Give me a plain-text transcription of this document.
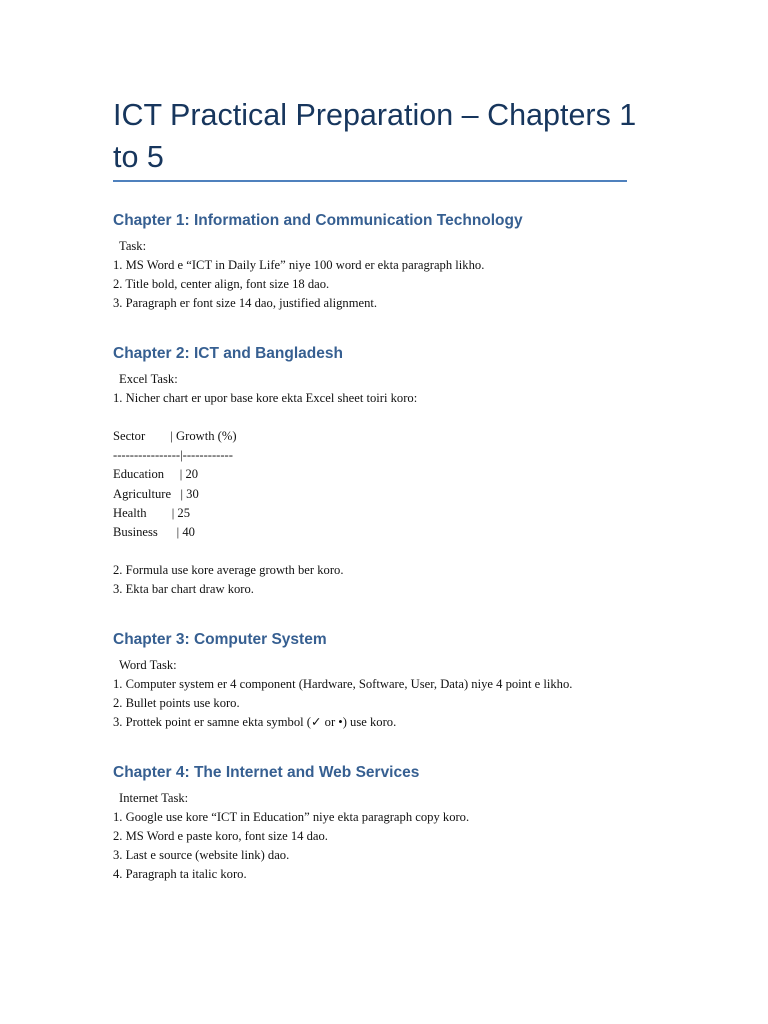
ICT Practical Preparation – Chapters 1 to 5
Chapter 1: Information and Communication Technology
Task:
1. MS Word e “ICT in Daily Life” niye 100 word er ekta paragraph likho.
2. Title bold, center align, font size 18 dao.
3. Paragraph er font size 14 dao, justified alignment.
Chapter 2: ICT and Bangladesh
Excel Task:
1. Nicher chart er upor base kore ekta Excel sheet toiri koro:
Sector        | Growth (%)
----------------|------------
Education     | 20
Agriculture   | 30
Health        | 25
Business      | 40
2. Formula use kore average growth ber koro.
3. Ekta bar chart draw koro.
Chapter 3: Computer System
Word Task:
1. Computer system er 4 component (Hardware, Software, User, Data) niye 4 point e likho.
2. Bullet points use koro.
3. Prottek point er samne ekta symbol (✓ or •) use koro.
Chapter 4: The Internet and Web Services
Internet Task:
1. Google use kore “ICT in Education” niye ekta paragraph copy koro.
2. MS Word e paste koro, font size 14 dao.
3. Last e source (website link) dao.
4. Paragraph ta italic koro.
